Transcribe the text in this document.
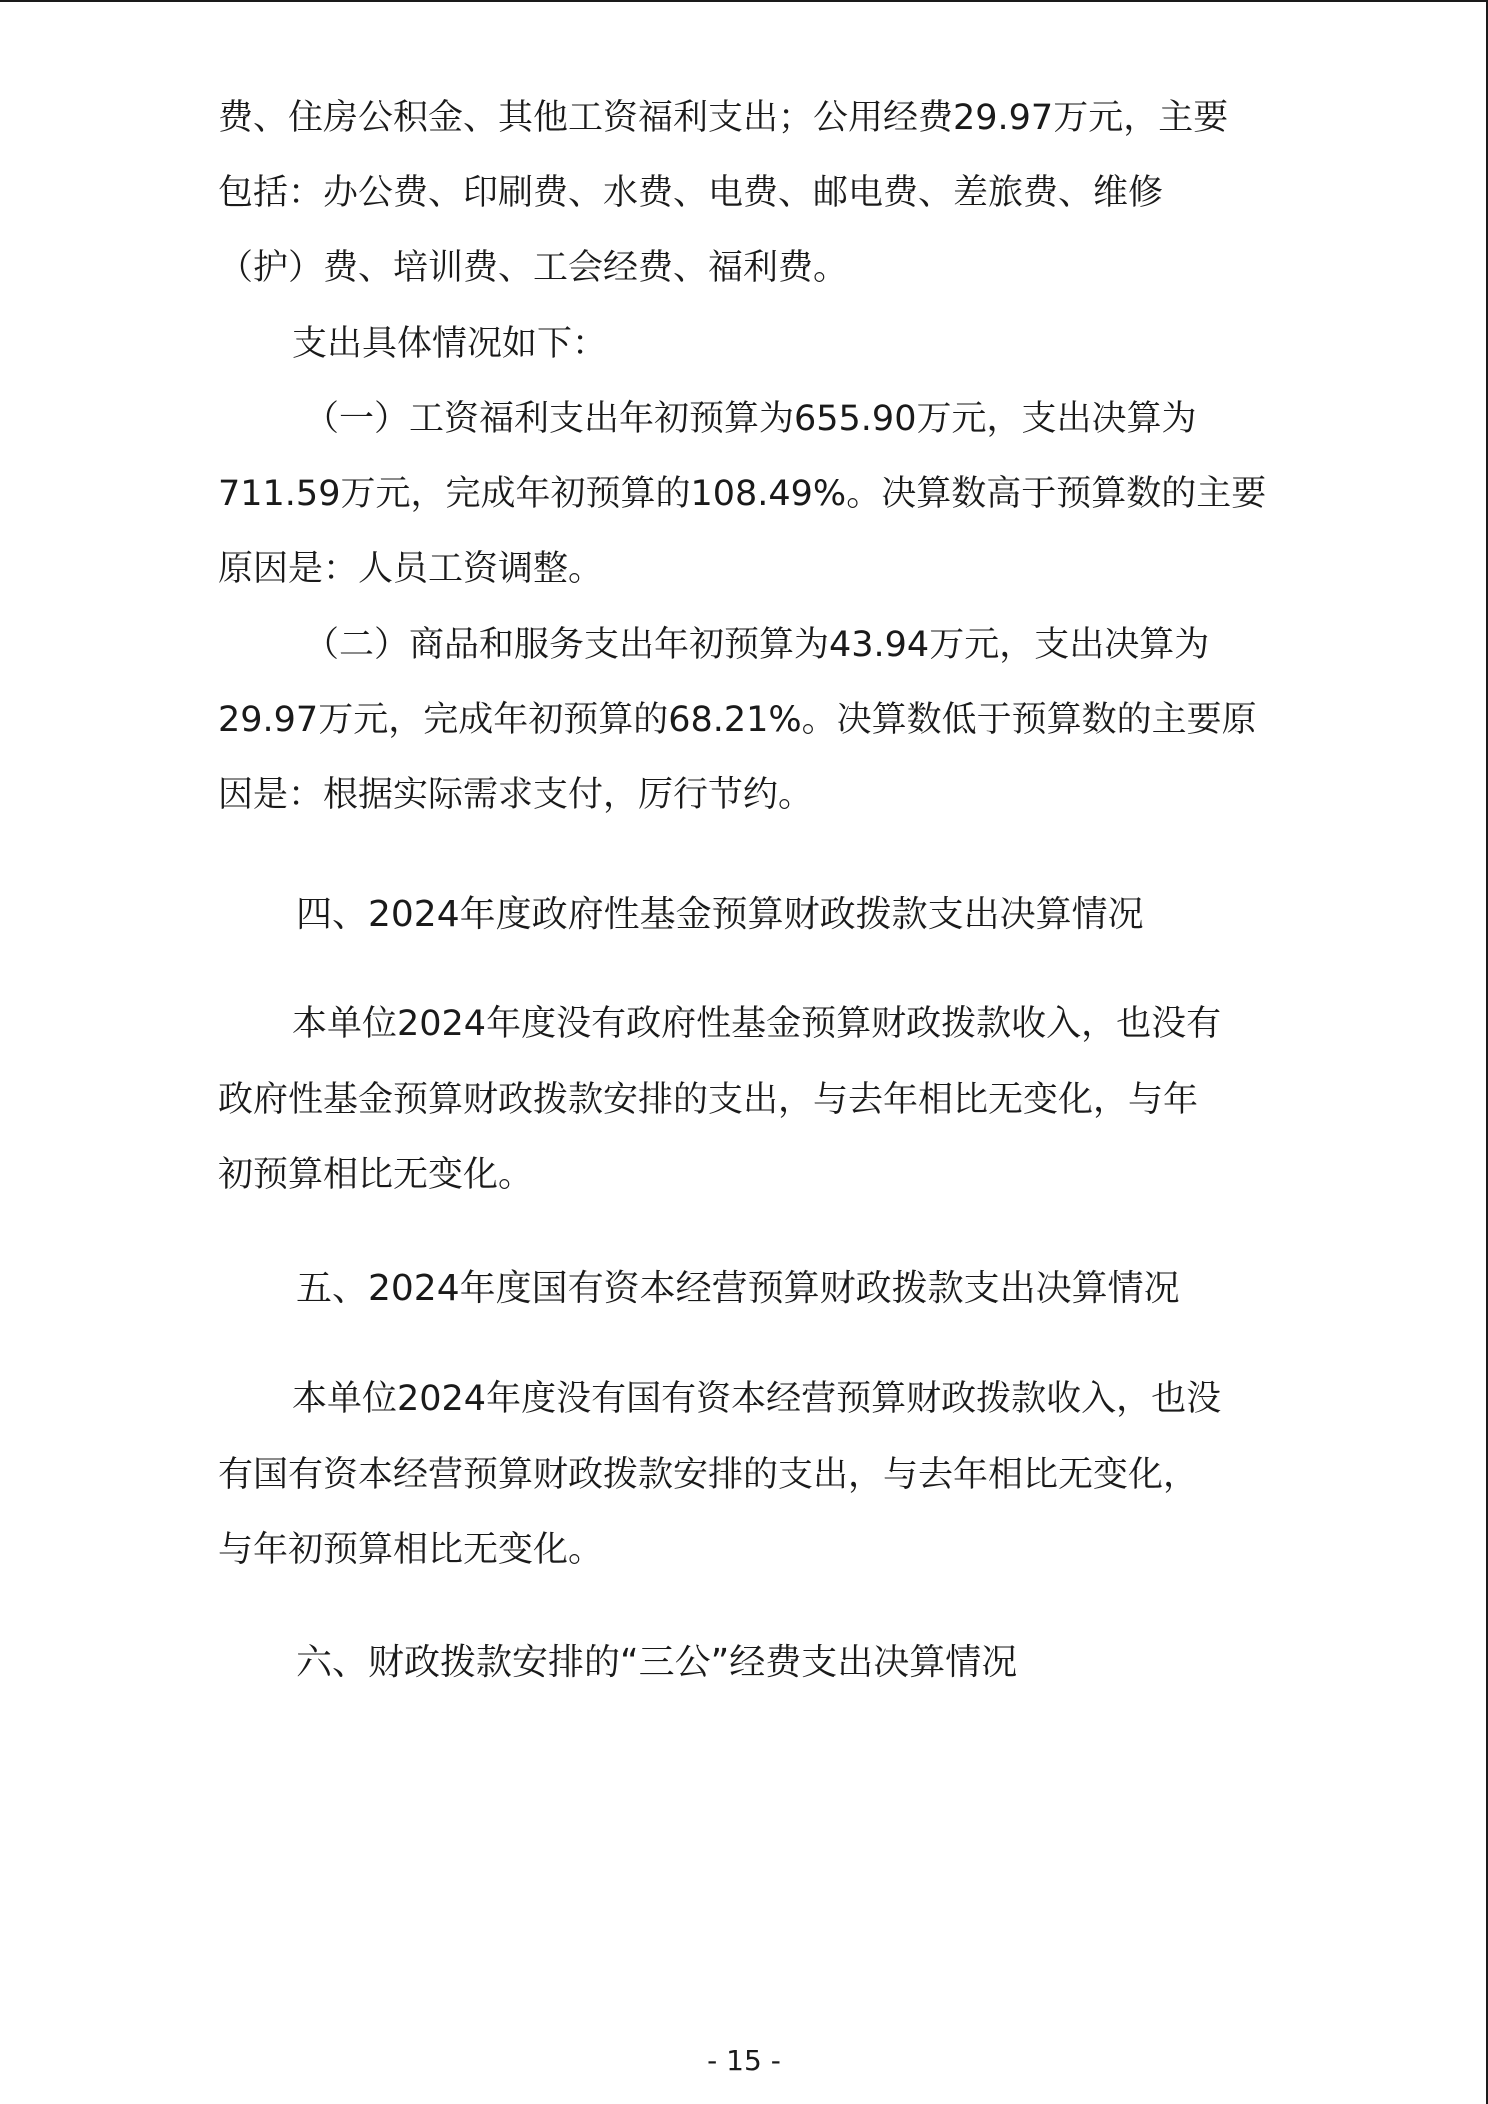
费、住房公积金、其他工资福利支出；公用经费29.97万元，主要
包括：办公费、印刷费、水费、电费、邮电费、差旅费、维修
（护）费、培训费、工会经费、福利费。
支出具体情况如下：
（一）工资福利支出年初预算为655.90万元，支出决算为
711.59万元，完成年初预算的108.49%。决算数高于预算数的主要
原因是：人员工资调整。
（二）商品和服务支出年初预算为43.94万元，支出决算为
29.97万元，完成年初预算的68.21%。决算数低于预算数的主要原
因是：根据实际需求支付，厉行节约。
四、2024年度政府性基金预算财政拨款支出决算情况
本单位2024年度没有政府性基金预算财政拨款收入，也没有
政府性基金预算财政拨款安排的支出，与去年相比无变化，与年
初预算相比无变化。
五、2024年度国有资本经营预算财政拨款支出决算情况
本单位2024年度没有国有资本经营预算财政拨款收入，也没
有国有资本经营预算财政拨款安排的支出，与去年相比无变化，
与年初预算相比无变化。
六、财政拨款安排的“三公”经费支出决算情况
- 15 -
